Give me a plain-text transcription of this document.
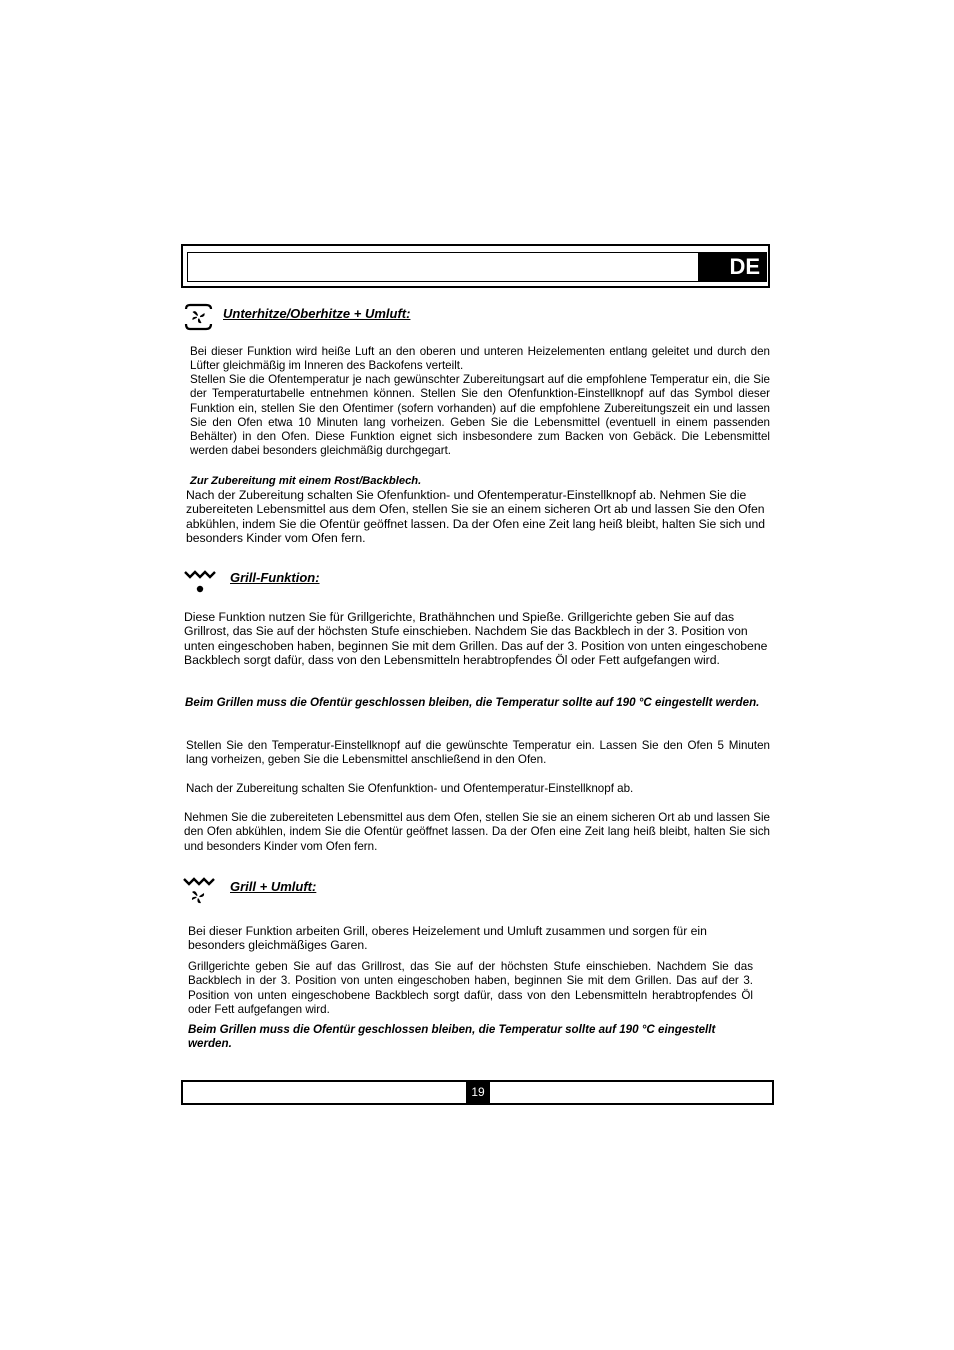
DE
Unterhitze/Oberhitze + Umluft:
Bei dieser Funktion wird heiße Luft an den oberen und unteren Heizelementen entlang geleitet und durch den Lüfter gleichmäßig im Inneren des Backofens verteilt.
Stellen Sie die Ofentemperatur je nach gewünschter Zubereitungsart auf die empfohlene Temperatur ein, die Sie der Temperaturtabelle entnehmen können. Stellen Sie den Ofenfunktion-Einstellknopf auf das Symbol dieser Funktion ein, stellen Sie den Ofentimer (sofern vorhanden) auf die empfohlene Zubereitungszeit ein und lassen Sie den Ofen etwa 10 Minuten lang vorheizen. Geben Sie die Lebensmittel (eventuell in einem passenden Behälter) in den Ofen. Diese Funktion eignet sich insbesondere zum Backen von Gebäck. Die Lebensmittel werden dabei besonders gleichmäßig durchgegart.
Zur Zubereitung mit einem Rost/Backblech.
Nach der Zubereitung schalten Sie Ofenfunktion- und Ofentemperatur-Einstellknopf ab. Nehmen Sie die zubereiteten Lebensmittel aus dem Ofen, stellen Sie sie an einem sicheren Ort ab und lassen Sie den Ofen abkühlen, indem Sie die Ofentür geöffnet lassen. Da der Ofen eine Zeit lang heiß bleibt, halten Sie sich und besonders Kinder vom Ofen fern.
Grill-Funktion:
Diese Funktion nutzen Sie für Grillgerichte, Brathähnchen und Spieße. Grillgerichte geben Sie auf das Grillrost, das Sie auf der höchsten Stufe einschieben. Nachdem Sie das Backblech in der 3. Position von unten eingeschoben haben, beginnen Sie mit dem Grillen. Das auf der 3. Position von unten eingeschobene Backblech sorgt dafür, dass von den Lebensmitteln herabtropfendes Öl oder Fett aufgefangen wird.
Beim Grillen muss die Ofentür geschlossen bleiben, die Temperatur sollte auf 190 °C eingestellt werden.
Stellen Sie den Temperatur-Einstellknopf auf die gewünschte Temperatur ein. Lassen Sie den Ofen 5 Minuten lang vorheizen, geben Sie die Lebensmittel anschließend in den Ofen.
Nach der Zubereitung schalten Sie Ofenfunktion- und Ofentemperatur-Einstellknopf ab.
Nehmen Sie die zubereiteten Lebensmittel aus dem Ofen, stellen Sie sie an einem sicheren Ort ab und lassen Sie den Ofen abkühlen, indem Sie die Ofentür geöffnet lassen. Da der Ofen eine Zeit lang heiß bleibt, halten Sie sich und besonders Kinder vom Ofen fern.
Grill + Umluft:
Bei dieser Funktion arbeiten Grill, oberes Heizelement und Umluft zusammen und sorgen für ein besonders gleichmäßiges Garen.
Grillgerichte geben Sie auf das Grillrost, das Sie auf der höchsten Stufe einschieben. Nachdem Sie das Backblech in der 3. Position von unten eingeschoben haben, beginnen Sie mit dem Grillen. Das auf der 3. Position von unten eingeschobene Backblech sorgt dafür, dass von den Lebensmitteln herabtropfendes Öl oder Fett aufgefangen wird.
Beim Grillen muss die Ofentür geschlossen bleiben, die Temperatur sollte auf 190 °C eingestellt werden.
19
